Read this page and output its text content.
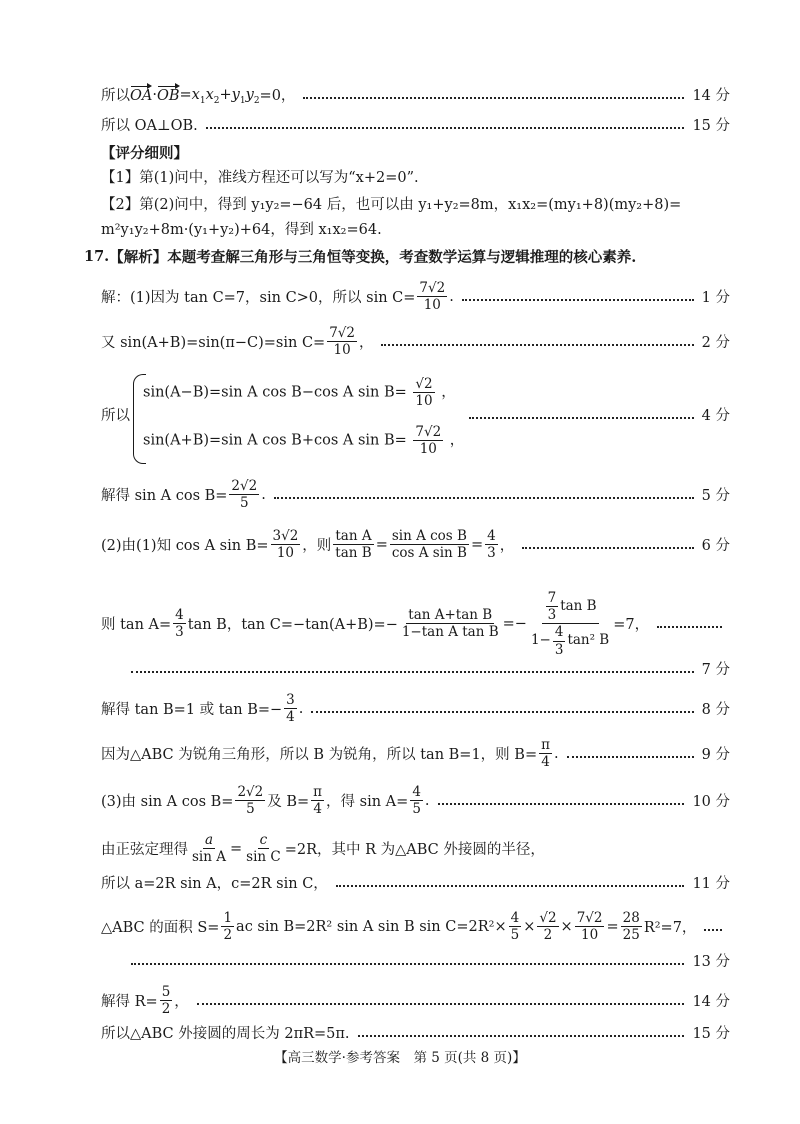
所以 OA · OB = $x_1x_2+y_1y_2 =0$，	14 分
所以 OA⊥OB.	15 分
【评分细则】
【1】第(1)问中，准线方程还可以写为“x+2=0”.
【2】第(2)问中，得到 y₁y₂=−64 后，也可以由 y₁+y₂=8m，x₁x₂=(my₁+8)(my₂+8)=
m²y₁y₂+8m·(y₁+y₂)+64，得到 x₁x₂=64.
17. 【解析】本题考查解三角形与三角恒等变换，考查数学运算与逻辑推理的核心素养.
解：(1)因为 tan C=7，sin C>0，所以 $\sin C= \frac{7√2}{10}$ .	1 分
又 sin(A+B)=sin(π−C)=sin $C= \frac{7√2}{10}$ ，	2 分
所以	4 分
sin(A−B)=sin A cos B−cos A $\sin B= \frac{√2}{10}$ ，
sin(A+B)=sin A cos B+cos A $\sin B= \frac{7√2}{10}$ ，
解得 sin A $\cos B= \frac{2√2}{5}$ .	5 分
(2)由(1)知 cos A $\sin B= \frac{3√2}{10}$ ，则 $\frac{\text{tan A}}{\text{tan B}} = \frac{\text{sin A cos B}}{\text{cos A sin B}} = \frac{4}{3}$ ，	6 分
则 $\tan A= \frac{4}{3}$ tan B，$\tan C=-\tan(A+B)=- \frac{\text{tan A+tan B}}{\text{1−tan A tan B}} =- \frac{\frac{7}{3} \tan B}{1- \frac{4}{3} \tan^2 B} =7$，
7 分
解得 tan B=1 或 $\tan B=- \frac{3}{4}$ .	8 分
因为△ABC 为锐角三角形，所以 B 为锐角，所以 tan B=1，则 $B= \frac{\pi}{4}$ .	9 分
(3)由 sin A $\cos B= \frac{2√2}{5}$ 及 $B= \frac{\pi}{4}$ ，得 $\sin A= \frac{4}{5}$ .	10 分
由正弦定理得 $\frac{a}{\text{sin A}} = \frac{c}{\text{sin C}} =2R$，其中 R 为△ABC 外接圆的半径，
所以 a=2R sin A，c=2R sin C，	11 分
△ABC 的面积 $S= \frac{1}{2}$ ac sin B=2R² sin A sin B $\sin C=2R^2\times \frac{4}{5} \times \frac{√2}{2} \times \frac{7√2}{10} = \frac{28}{25} R^2=7$，
13 分
解得 $R= \frac{5}{2}$ ，	14 分
所以△ABC 外接圆的周长为 2πR=5π.	15 分
【高三数学·参考答案　第 5 页(共 8 页)】
